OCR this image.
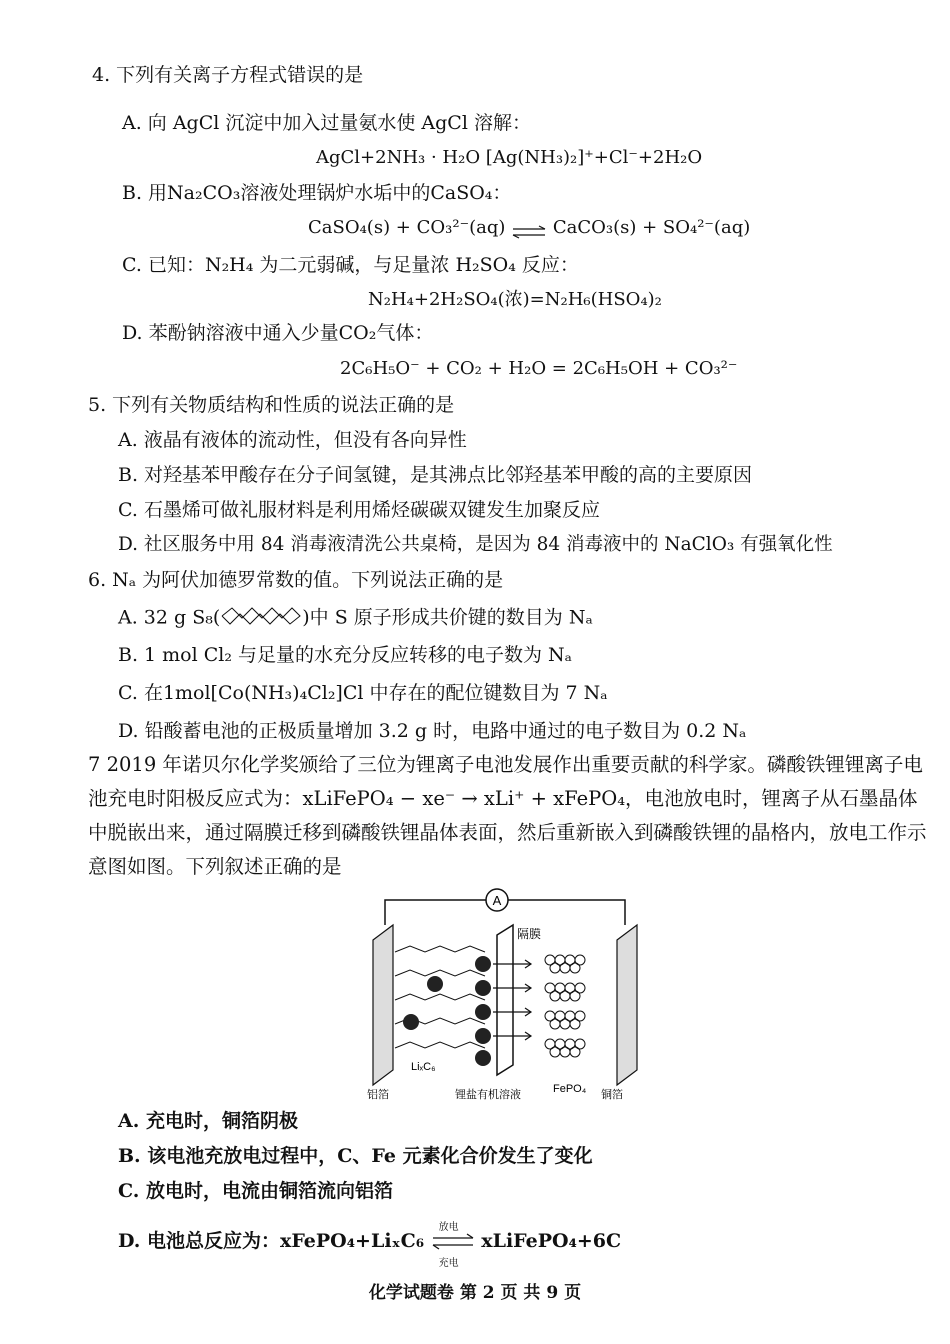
4. 下列有关离子方程式错误的是
A. 向 AgCl 沉淀中加入过量氨水使 AgCl 溶解：
AgCl+2NH₃ · H₂O [Ag(NH₃)₂]⁺+Cl⁻+2H₂O
B. 用Na₂CO₃溶液处理锅炉水垢中的CaSO₄：
CaSO₄(s) + CO₃²⁻(aq) ⇌ CaCO₃(s) + SO₄²⁻(aq)
C. 已知：N₂H₄ 为二元弱碱，与足量浓 H₂SO₄ 反应：
N₂H₄+2H₂SO₄(浓)=N₂H₆(HSO₄)₂
D. 苯酚钠溶液中通入少量CO₂气体：
2C₆H₅O⁻ + CO₂ + H₂O = 2C₆H₅OH + CO₃²⁻
5. 下列有关物质结构和性质的说法正确的是
A. 液晶有液体的流动性，但没有各向异性
B. 对羟基苯甲酸存在分子间氢键，是其沸点比邻羟基苯甲酸的高的主要原因
C. 石墨烯可做礼服材料是利用烯烃碳碳双键发生加聚反应
D. 社区服务中用 84 消毒液清洗公共桌椅，是因为 84 消毒液中的 NaClO₃ 有强氧化性
6. Nₐ 为阿伏加德罗常数的值。下列说法正确的是
A. 32 g S₈(	)中 S 原子形成共价键的数目为 Nₐ
B. 1 mol Cl₂ 与足量的水充分反应转移的电子数为 Nₐ
C. 在1mol[Co(NH₃)₄Cl₂]Cl 中存在的配位键数目为 7 Nₐ
D. 铅酸蓄电池的正极质量增加 3.2 g 时，电路中通过的电子数目为 0.2 Nₐ
7 2019 年诺贝尔化学奖颁给了三位为锂离子电池发展作出重要贡献的科学家。磷酸铁锂锂离子电池充电时阳极反应式为：xLiFePO₄ − xe⁻ → xLi⁺ + xFePO₄，电池放电时，锂离子从石墨晶体中脱嵌出来，通过隔膜迁移到磷酸铁锂晶体表面，然后重新嵌入到磷酸铁锂的晶格内，放电工作示意图如图。下列叙述正确的是
A
隔膜
LiₓC₆
铝箔	锂盐有机溶液	FePO₄ 铜箔
A. 充电时，铜箔阴极
B. 该电池充放电过程中，C、Fe 元素化合价发生了变化
C. 放电时，电流由铜箔流向铝箔
D. 电池总反应为：xFePO₄+LiₓC₆
放电
充电
xLiFePO₄+6C
化学试题卷 第 2 页 共 9 页
